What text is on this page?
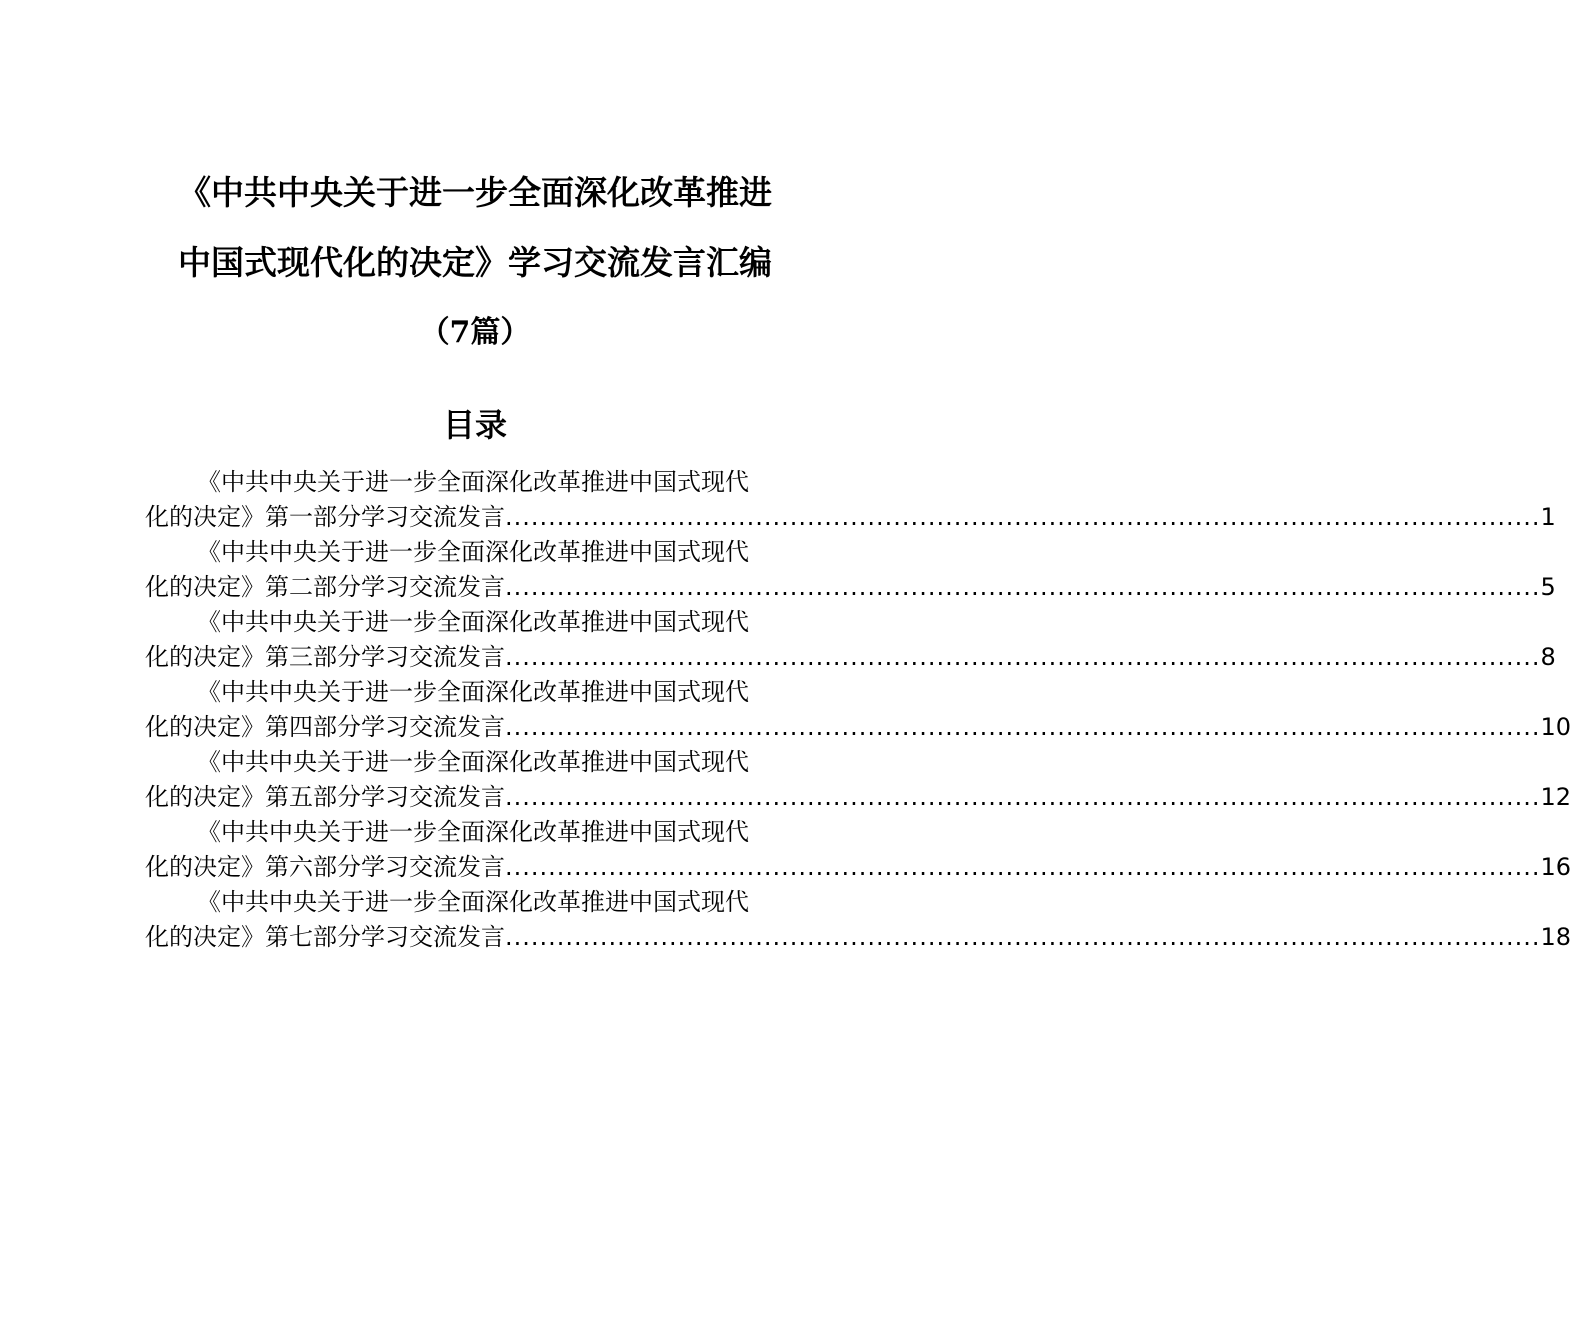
《中共中央关于进一步全面深化改革推进
中国式现代化的决定》学习交流发言汇编
（7篇）
目录
《中共中央关于进一步全面深化改革推进中国式现代
化的决定》第一部分学习交流发言 ........................................................................................................................ 1
《中共中央关于进一步全面深化改革推进中国式现代
化的决定》第二部分学习交流发言 ........................................................................................................................ 5
《中共中央关于进一步全面深化改革推进中国式现代
化的决定》第三部分学习交流发言 ........................................................................................................................ 8
《中共中央关于进一步全面深化改革推进中国式现代
化的决定》第四部分学习交流发言 ........................................................................................................................ 10
《中共中央关于进一步全面深化改革推进中国式现代
化的决定》第五部分学习交流发言 ........................................................................................................................ 12
《中共中央关于进一步全面深化改革推进中国式现代
化的决定》第六部分学习交流发言 ........................................................................................................................ 16
《中共中央关于进一步全面深化改革推进中国式现代
化的决定》第七部分学习交流发言 ........................................................................................................................ 18
